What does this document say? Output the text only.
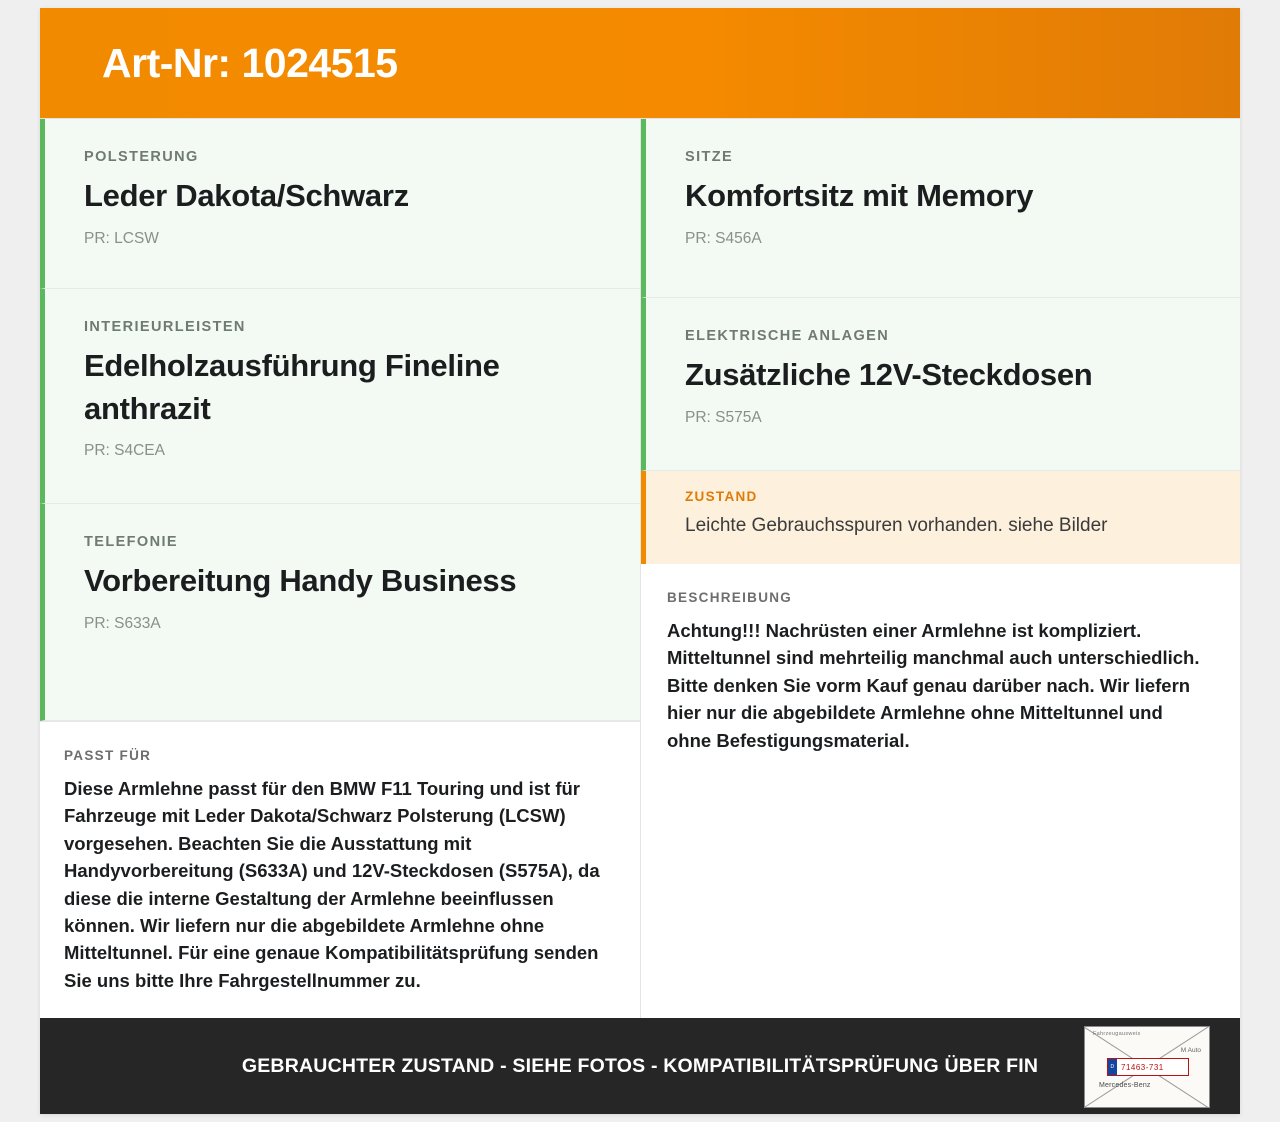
Art-Nr: 1024515
POLSTERUNG
Leder Dakota/Schwarz
PR: LCSW
INTERIEURLEISTEN
Edelholzausführung Fineline anthrazit
PR: S4CEA
TELEFONIE
Vorbereitung Handy Business
PR: S633A
PASST FÜR
Diese Armlehne passt für den BMW F11 Touring und ist für Fahrzeuge mit Leder Dakota/Schwarz Polsterung (LCSW) vorgesehen. Beachten Sie die Ausstattung mit Handyvorbereitung (S633A) und 12V-Steckdosen (S575A), da diese die interne Gestaltung der Armlehne beeinflussen können. Wir liefern nur die abgebildete Armlehne ohne Mitteltunnel. Für eine genaue Kompatibilitätsprüfung senden Sie uns bitte Ihre Fahrgestellnummer zu.
SITZE
Komfortsitz mit Memory
PR: S456A
ELEKTRISCHE ANLAGEN
Zusätzliche 12V-Steckdosen
PR: S575A
ZUSTAND
Leichte Gebrauchsspuren vorhanden. siehe Bilder
BESCHREIBUNG
Achtung!!! Nachrüsten einer Armlehne ist kompliziert. Mitteltunnel sind mehrteilig manchmal auch unterschiedlich. Bitte denken Sie vorm Kauf genau darüber nach. Wir liefern hier nur die abgebildete Armlehne ohne Mitteltunnel und ohne Befestigungsmaterial.
GEBRAUCHTER ZUSTAND - SIEHE FOTOS - KOMPATIBILITÄTSPRÜFUNG ÜBER FIN
Fahrzeugausweis
M Auto
D 71463-731
Mercedes-Benz
